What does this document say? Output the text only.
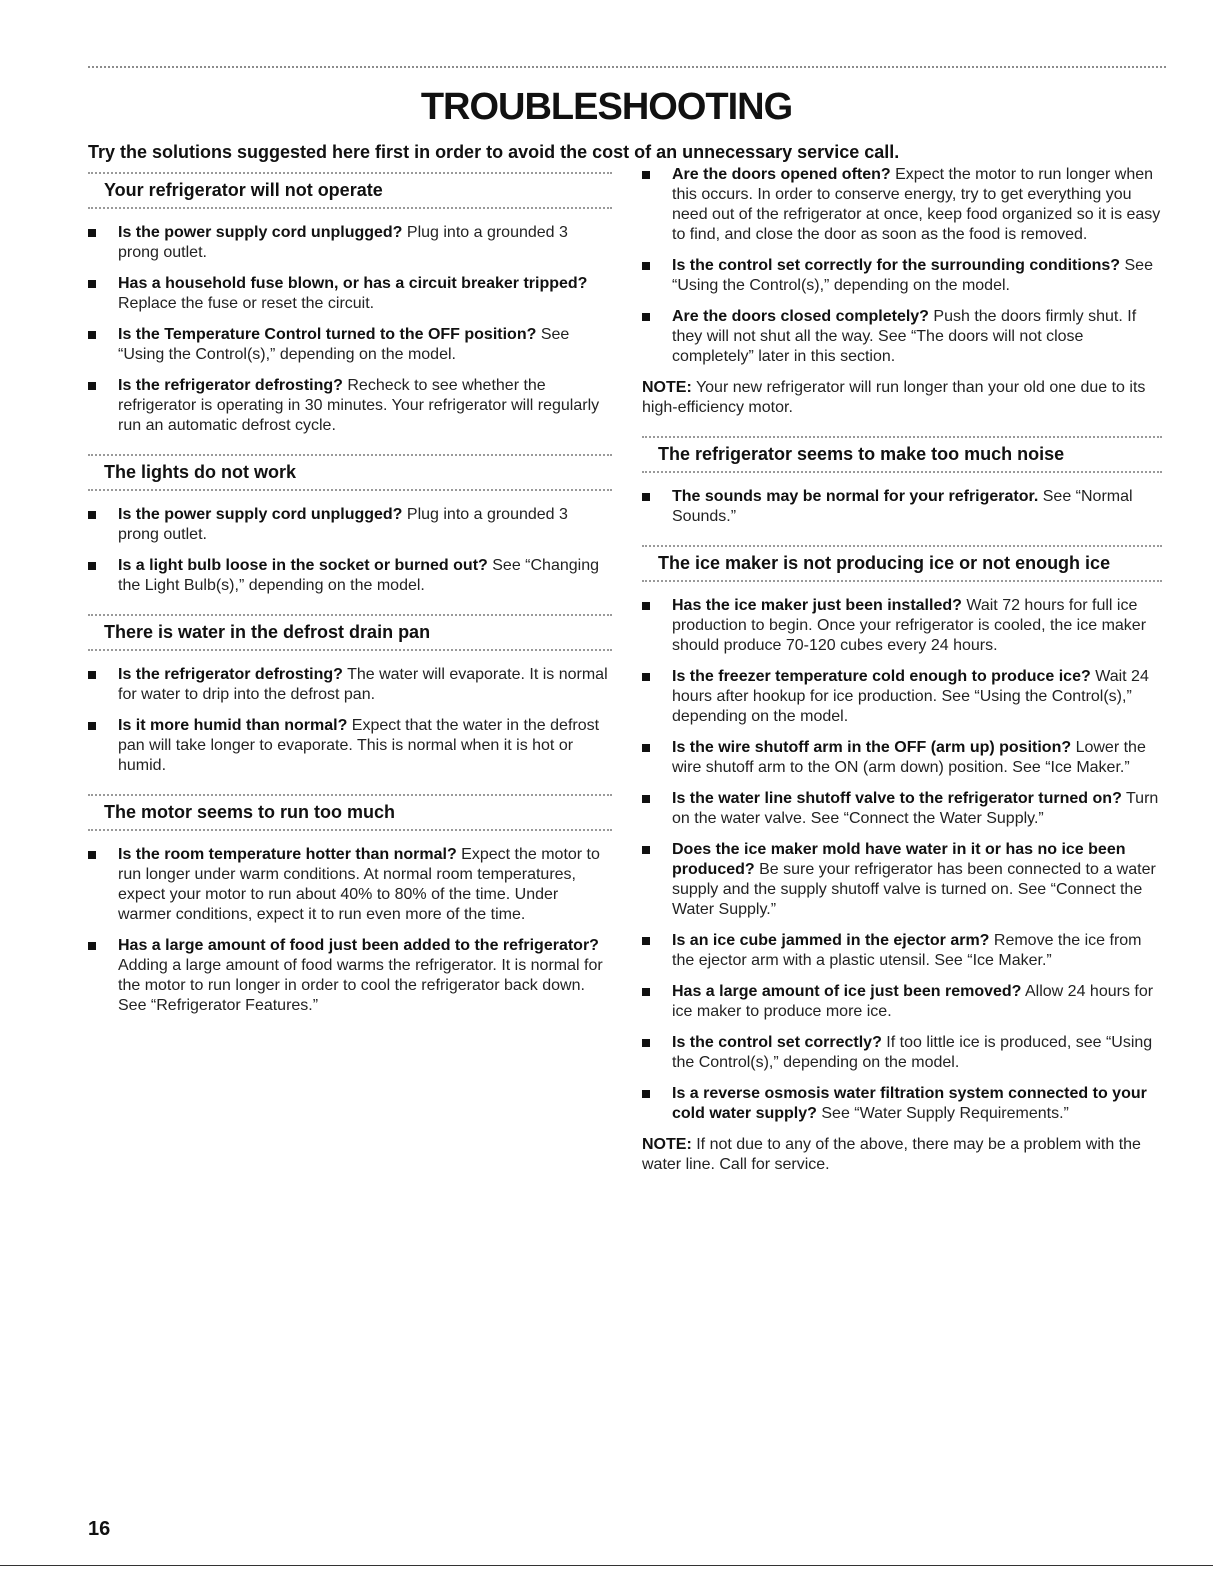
TROUBLESHOOTING
Try the solutions suggested here first in order to avoid the cost of an unnecessary service call.
Your refrigerator will not operate
Is the power supply cord unplugged? Plug into a grounded 3 prong outlet.
Has a household fuse blown, or has a circuit breaker tripped? Replace the fuse or reset the circuit.
Is the Temperature Control turned to the OFF position? See “Using the Control(s),” depending on the model.
Is the refrigerator defrosting? Recheck to see whether the refrigerator is operating in 30 minutes. Your refrigerator will regularly run an automatic defrost cycle.
The lights do not work
Is the power supply cord unplugged? Plug into a grounded 3 prong outlet.
Is a light bulb loose in the socket or burned out? See “Changing the Light Bulb(s),” depending on the model.
There is water in the defrost drain pan
Is the refrigerator defrosting? The water will evaporate. It is normal for water to drip into the defrost pan.
Is it more humid than normal? Expect that the water in the defrost pan will take longer to evaporate. This is normal when it is hot or humid.
The motor seems to run too much
Is the room temperature hotter than normal? Expect the motor to run longer under warm conditions. At normal room temperatures, expect your motor to run about 40% to 80% of the time. Under warmer conditions, expect it to run even more of the time.
Has a large amount of food just been added to the refrigerator? Adding a large amount of food warms the refrigerator. It is normal for the motor to run longer in order to cool the refrigerator back down. See “Refrigerator Features.”
Are the doors opened often? Expect the motor to run longer when this occurs. In order to conserve energy, try to get everything you need out of the refrigerator at once, keep food organized so it is easy to find, and close the door as soon as the food is removed.
Is the control set correctly for the surrounding conditions? See “Using the Control(s),” depending on the model.
Are the doors closed completely? Push the doors firmly shut. If they will not shut all the way. See “The doors will not close completely” later in this section.

NOTE: Your new refrigerator will run longer than your old one due to its high-efficiency motor.

The refrigerator seems to make too much noise
The sounds may be normal for your refrigerator. See “Normal Sounds.”
The ice maker is not producing ice or not enough ice
Has the ice maker just been installed? Wait 72 hours for full ice production to begin. Once your refrigerator is cooled, the ice maker should produce 70-120 cubes every 24 hours.
Is the freezer temperature cold enough to produce ice? Wait 24 hours after hookup for ice production. See “Using the Control(s),” depending on the model.
Is the wire shutoff arm in the OFF (arm up) position? Lower the wire shutoff arm to the ON (arm down) position. See “Ice Maker.”
Is the water line shutoff valve to the refrigerator turned on? Turn on the water valve. See “Connect the Water Supply.”
Does the ice maker mold have water in it or has no ice been produced? Be sure your refrigerator has been connected to a water supply and the supply shutoff valve is turned on. See “Connect the Water Supply.”
Is an ice cube jammed in the ejector arm? Remove the ice from the ejector arm with a plastic utensil. See “Ice Maker.”
Has a large amount of ice just been removed? Allow 24 hours for ice maker to produce more ice.
Is the control set correctly? If too little ice is produced, see “Using the Control(s),” depending on the model.
Is a reverse osmosis water filtration system connected to your cold water supply? See “Water Supply Requirements.”

NOTE: If not due to any of the above, there may be a problem with the water line. Call for service.

16
